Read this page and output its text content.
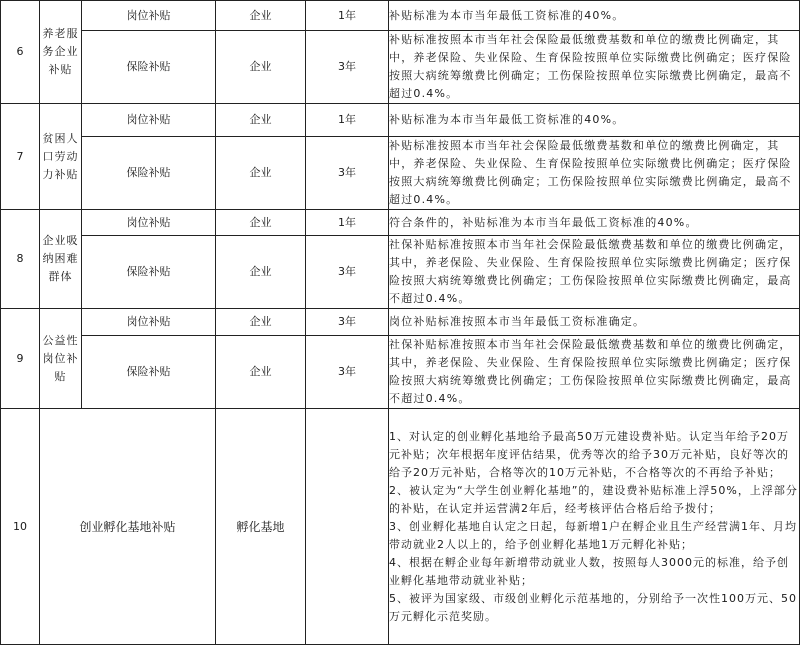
6	养老服务企业补贴	岗位补贴	企业	1年	补贴标准为本市当年最低工资标准的40%。
		保险补贴	企业	3年	补贴标准按照本市当年社会保险最低缴费基数和单位的缴费比例确定，其中，养老保险、失业保险、生育保险按照单位实际缴费比例确定；医疗保险按照大病统筹缴费比例确定；工伤保险按照单位实际缴费比例确定，最高不超过0.4%。
7	贫困人口劳动力补贴	岗位补贴	企业	1年	补贴标准为本市当年最低工资标准的40%。
		保险补贴	企业	3年	补贴标准按照本市当年社会保险最低缴费基数和单位的缴费比例确定，其中，养老保险、失业保险、生育保险按照单位实际缴费比例确定；医疗保险按照大病统筹缴费比例确定；工伤保险按照单位实际缴费比例确定，最高不超过0.4%。
8	企业吸纳困难群体	岗位补贴	企业	1年	符合条件的，补贴标准为本市当年最低工资标准的40%。
		保险补贴	企业	3年	社保补贴标准按照本市当年社会保险最低缴费基数和单位的缴费比例确定，其中，养老保险、失业保险、生育保险按照单位实际缴费比例确定；医疗保险按照大病统筹缴费比例确定；工伤保险按照单位实际缴费比例确定，最高不超过0.4%。
9	公益性岗位补贴	岗位补贴	企业	3年	岗位补贴标准按照本市当年最低工资标准确定。
		保险补贴	企业	3年	社保补贴标准按照本市当年社会保险最低缴费基数和单位的缴费比例确定，其中，养老保险、失业保险、生育保险按照单位实际缴费比例确定；医疗保险按照大病统筹缴费比例确定；工伤保险按照单位实际缴费比例确定，最高不超过0.4%。
10	创业孵化基地补贴		孵化基地		1、对认定的创业孵化基地给予最高50万元建设费补贴。认定当年给予20万元补贴；次年根据年度评估结果，优秀等次的给予30万元补贴，良好等次的给予20万元补贴，合格等次的10万元补贴，不合格等次的不再给予补贴；
2、被认定为“大学生创业孵化基地”的，建设费补贴标准上浮50%，上浮部分的补贴，在认定并运营满2年后，经考核评估合格后给予拨付；
3、创业孵化基地自认定之日起，每新增1户在孵企业且生产经营满1年、月均带动就业2人以上的，给予创业孵化基地1万元孵化补贴；
4、根据在孵企业每年新增带动就业人数，按照每人3000元的标准，给予创业孵化基地带动就业补贴；
5、被评为国家级、市级创业孵化示范基地的，分别给予一次性100万元、50万元孵化示范奖励。
